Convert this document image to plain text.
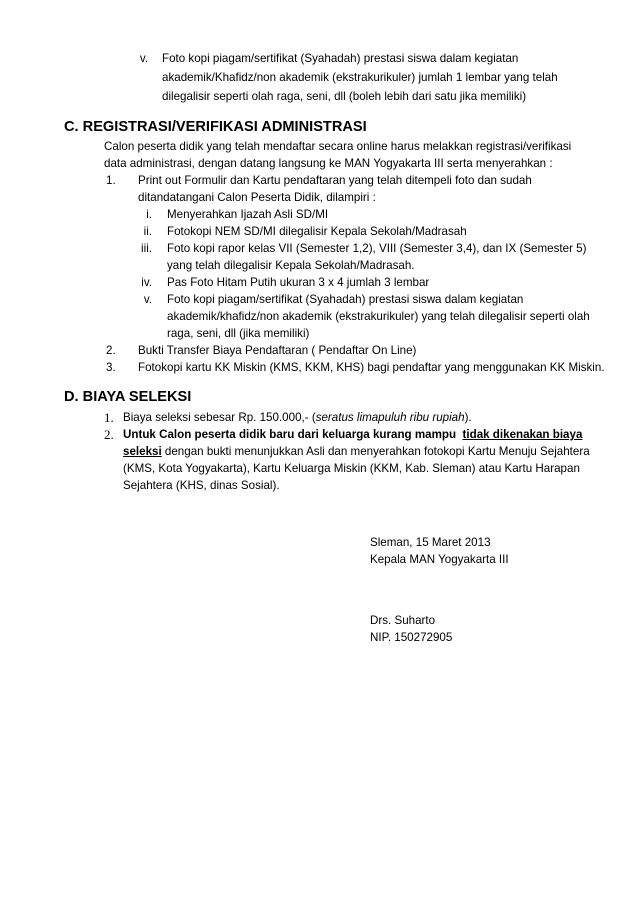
v. Foto kopi piagam/sertifikat (Syahadah) prestasi siswa dalam kegiatan
akademik/Khafidz/non akademik (ekstrakurikuler) jumlah 1 lembar yang telah
dilegalisir seperti olah raga, seni, dll (boleh lebih dari satu jika memiliki)
C. REGISTRASI/VERIFIKASI ADMINISTRASI
Calon peserta didik yang telah mendaftar secara online harus melakkan registrasi/verifikasi
data administrasi, dengan datang langsung ke MAN Yogyakarta III serta menyerahkan :
1. Print out Formulir dan Kartu pendaftaran yang telah ditempeli foto dan sudah
ditandatangani Calon Peserta Didik, dilampiri :
i. Menyerahkan Ijazah Asli SD/MI
ii. Fotokopi NEM SD/MI dilegalisir Kepala Sekolah/Madrasah
iii. Foto kopi rapor kelas VII (Semester 1,2), VIII (Semester 3,4), dan IX (Semester 5)
yang telah dilegalisir Kepala Sekolah/Madrasah.
iv. Pas Foto Hitam Putih ukuran 3 x 4 jumlah 3 lembar
v. Foto kopi piagam/sertifikat (Syahadah) prestasi siswa dalam kegiatan
akademik/khafidz/non akademik (ekstrakurikuler) yang telah dilegalisir seperti olah
raga, seni, dll (jika memiliki)
2. Bukti Transfer Biaya Pendaftaran ( Pendaftar On Line)
3. Fotokopi kartu KK Miskin (KMS, KKM, KHS) bagi pendaftar yang menggunakan KK Miskin.
D. BIAYA SELEKSI
1. Biaya seleksi sebesar Rp. 150.000,- (seratus limapuluh ribu rupiah).
2. Untuk Calon peserta didik baru dari keluarga kurang mampu tidak dikenakan biaya
seleksi dengan bukti menunjukkan Asli dan menyerahkan fotokopi Kartu Menuju Sejahtera
(KMS, Kota Yogyakarta), Kartu Keluarga Miskin (KKM, Kab. Sleman) atau Kartu Harapan
Sejahtera (KHS, dinas Sosial).
Sleman, 15 Maret 2013
Kepala MAN Yogyakarta III
Drs. Suharto
NIP. 150272905
